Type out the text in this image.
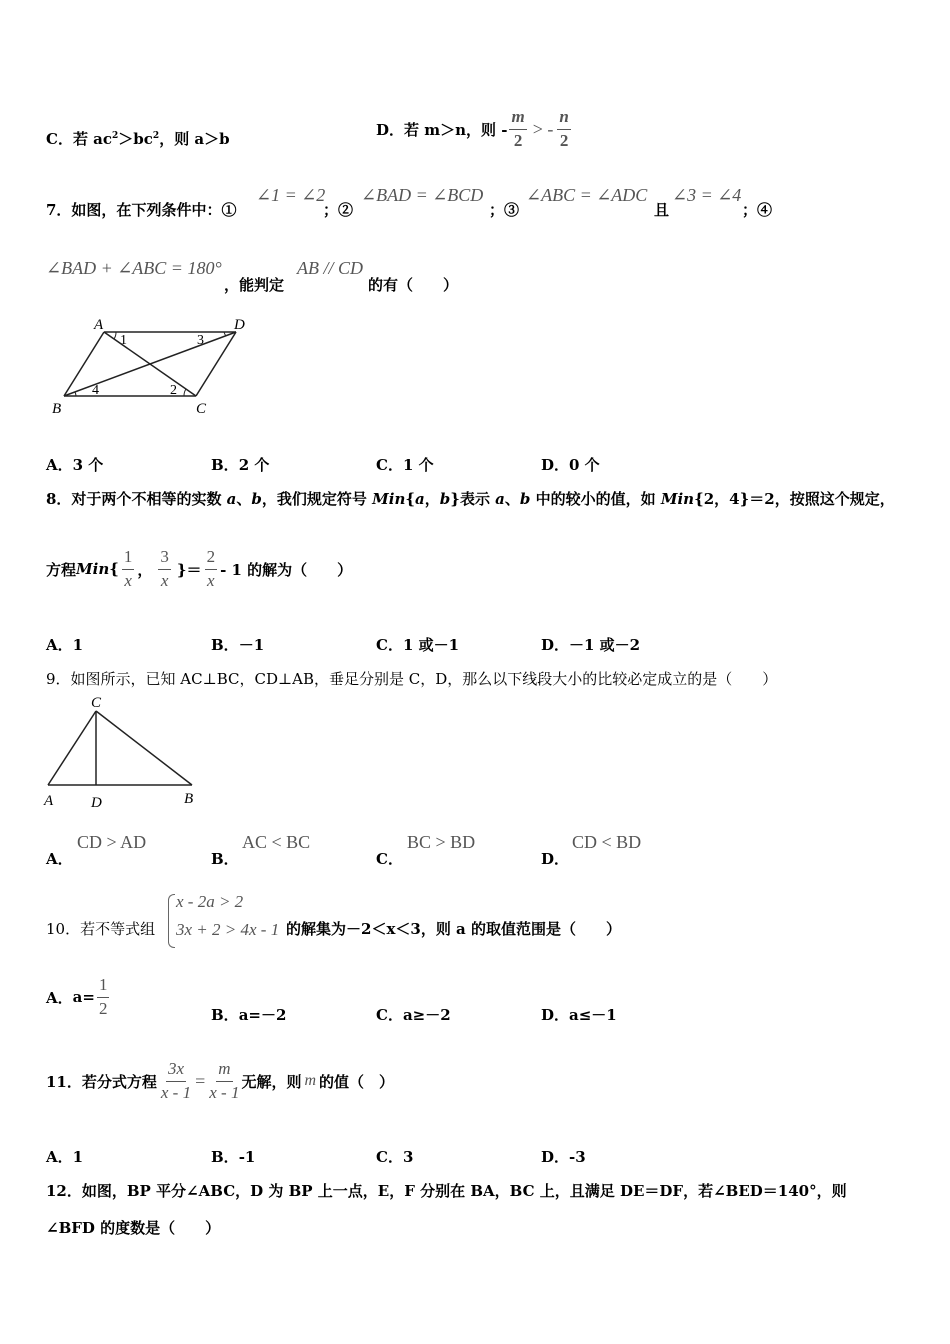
C．若 $ac^2>bc^2$，则 a＞b
D． 若 m＞n，则 - $\frac{m}{2}$ > - $\frac{n}{2}$
7．如图，在下列条件中：①
∠1 = ∠2
；②
∠BAD = ∠BCD
；③
∠ABC = ∠ADC
且
∠3 = ∠4
；④
∠BAD + ∠ABC = 180°
，能判定
AB // CD
的有（　　）
A	D
B	C
1
2
3
4
A．3 个	B．2 个	C．1 个	D．0 个
8．对于两个不相等的实数 a、b，我们规定符号 Min{a，b}表示 a、b 中的较小的值，如 Min{2，4}＝2，按照这个规定，
方程 Min { $\frac{1}{x}$ ， $\frac{3}{x}$ }＝ $\frac{2}{x} - 1$ 的解为（　　）
A．1	B．－1	C．1 或－1	D．－1 或－2
9．如图所示，已知 AC⊥BC，CD⊥AB，垂足分别是 C，D，那么以下线段大小的比较必定成立的是（　　）
C
A	D	B
A．
CD > AD
B．
AC < BC
C．
BC > BD
D．
CD < BD
10．若不等式组
x - 2a > 2
3x + 2 > 4x - 1 的解集为－2＜x＜3，则 a 的取值范围是（　　）
A． $a= \frac{1}{2}$	B．a=－2	C．a≥－2	D．a≤－1
11．若分式方程 $\frac{3x}{x - 1} = \frac{m}{x - 1}$ 无解，则 m 的值（　）
A．1	B．-1	C．3	D．-3
12．如图，BP 平分∠ABC，D 为 BP 上一点，E，F 分别在 BA，BC 上，且满足 DE＝DF，若∠BED＝140°，则
∠BFD 的度数是（　　）
